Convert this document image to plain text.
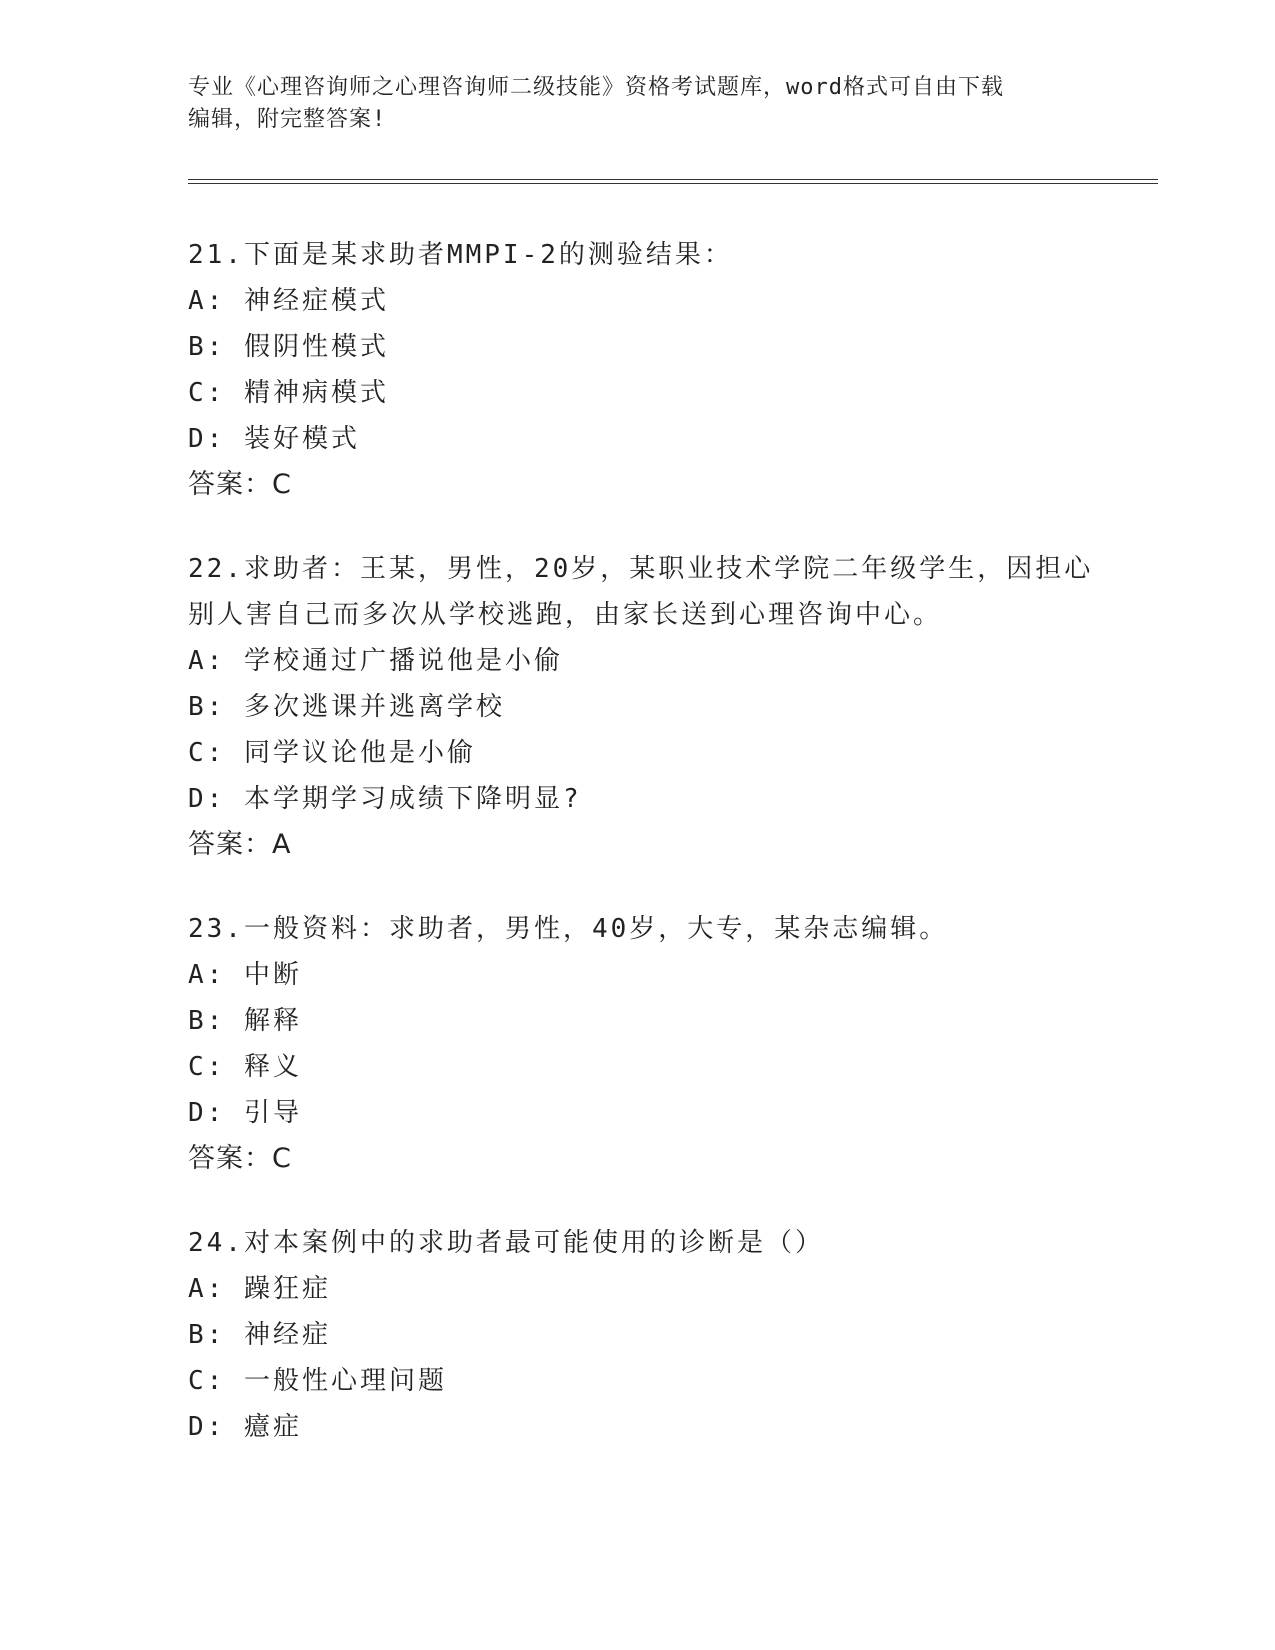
专业《心理咨询师之心理咨询师二级技能》资格考试题库，word格式可自由下载
编辑，附完整答案!
21.下面是某求助者MMPI-2的测验结果：
A: 神经症模式
B: 假阴性模式
C: 精神病模式
D: 装好模式
答案：C
22.求助者：王某，男性，20岁，某职业技术学院二年级学生，因担心
别人害自己而多次从学校逃跑，由家长送到心理咨询中心。
A: 学校通过广播说他是小偷
B: 多次逃课并逃离学校
C: 同学议论他是小偷
D: 本学期学习成绩下降明显?
答案：A
23.一般资料：求助者，男性，40岁，大专，某杂志编辑。
A: 中断
B: 解释
C: 释义
D: 引导
答案：C
24.对本案例中的求助者最可能使用的诊断是（）
A: 躁狂症
B: 神经症
C: 一般性心理问题
D: 癔症
